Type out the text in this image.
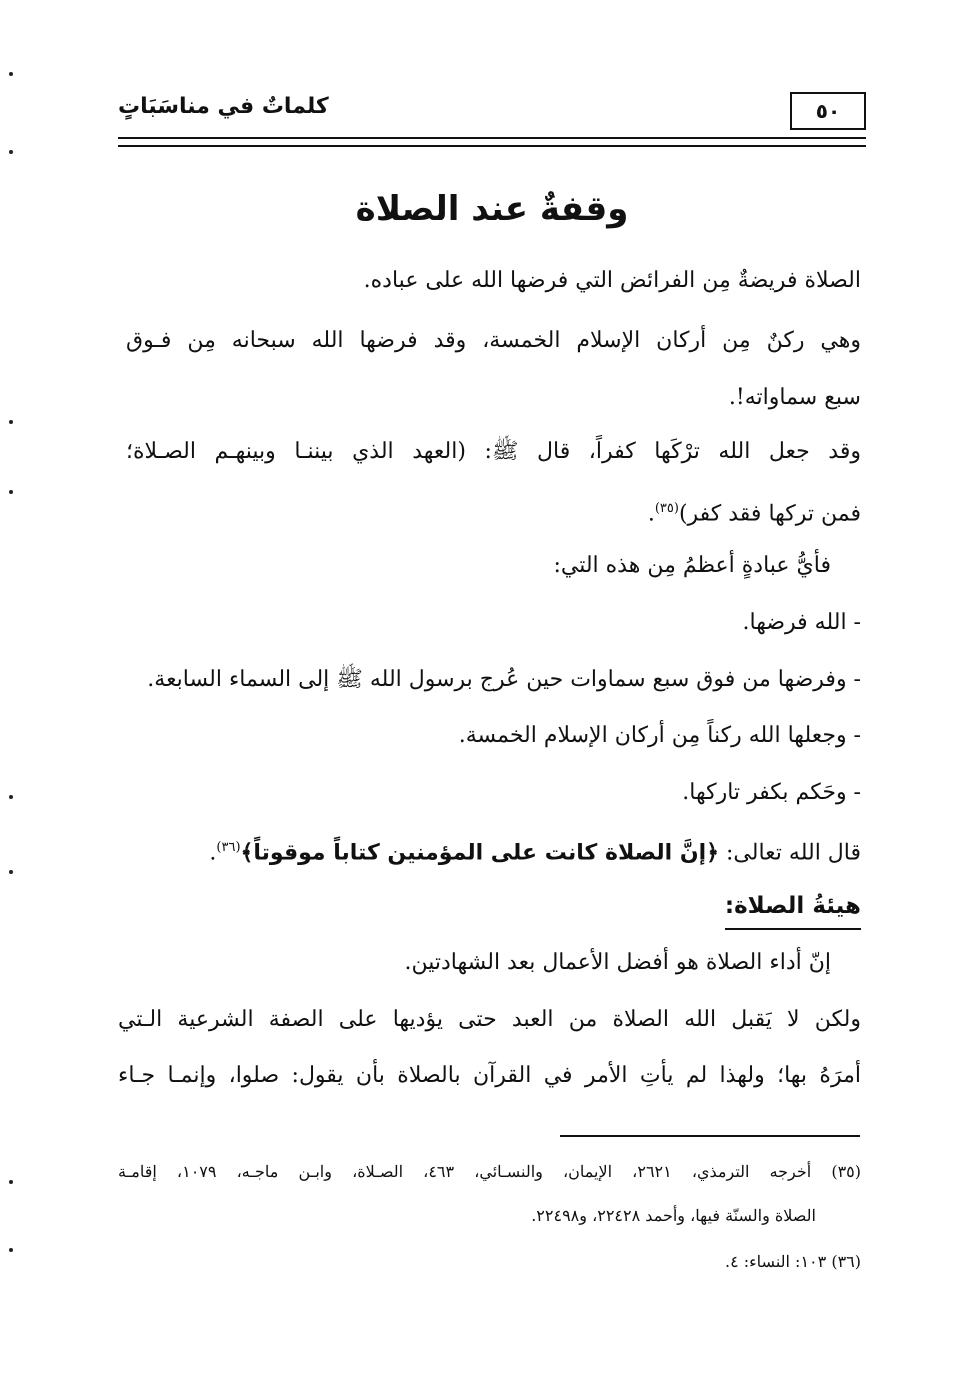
٥٠
كلماتٌ في مناسَبَاتٍ
وقفةٌ عند الصلاة
الصلاة فريضةٌ مِن الفرائض التي فرضها الله على عباده.
وهي ركنٌ مِن أركان الإسلام الخمسة، وقد فرضها الله سبحانه مِن فـوق
سبع سماواته!.
وقد جعل الله ترْكَها كفراً، قال ﷺ: (العهد الذي بيننـا وبينهـم الصـلاة؛
فمن تركها فقد كفر)$^{(٣٥)}$.
فأيُّ عبادةٍ أعظمُ مِن هذه التي:
- الله فرضها.
- وفرضها من فوق سبع سماوات حين عُرج برسول الله ﷺ إلى السماء السابعة.
- وجعلها الله ركناً مِن أركان الإسلام الخمسة.
- وحَكم بكفر تاركها.
قال الله تعالى: ﴿إنَّ الصلاة كانت على المؤمنين كتاباً موقوتاً﴾$^{(٣٦)}$.
هيئةُ الصلاة:
إنّ أداء الصلاة هو أفضل الأعمال بعد الشهادتين.
ولكن لا يَقبل الله الصلاة من العبد حتى يؤديها على الصفة الشرعية الـتي
أمرَهُ بها؛ ولهذا لم يأتِ الأمر في القرآن بالصلاة بأن يقول: صلوا، وإنمـا جـاء
(٣٥) أخرجه الترمذي، ٢٦٢١، الإيمان، والنسـائي، ٤٦٣، الصـلاة، وابـن ماجـه، ١٠٧٩، إقامـة
الصلاة والسنّة فيها، وأحمد ٢٢٤٢٨، و٢٢٤٩٨.
(٣٦) ١٠٣: النساء: ٤.
